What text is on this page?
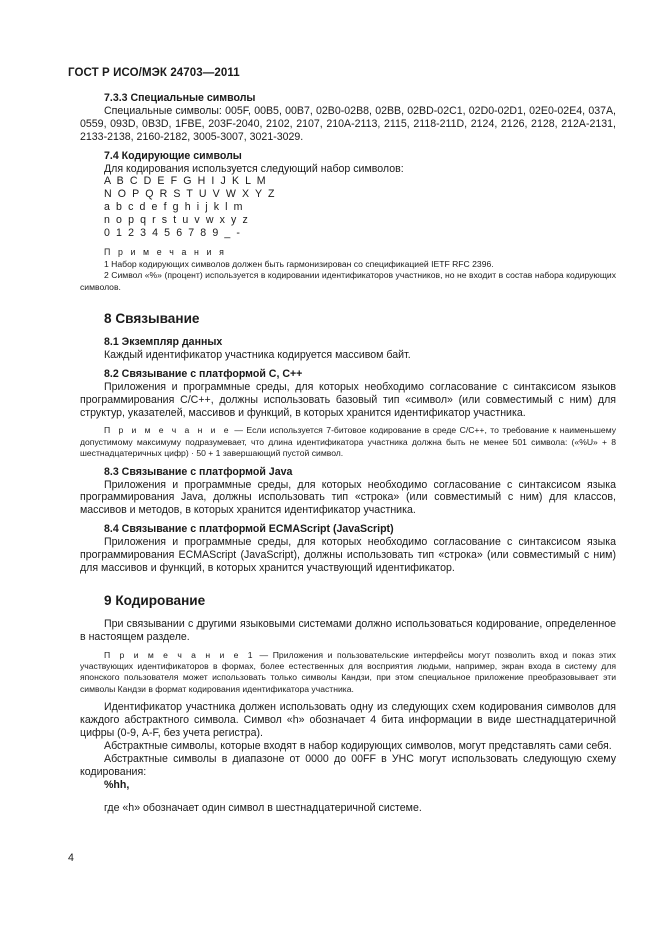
ГОСТ Р ИСО/МЭК 24703—2011

7.3.3 Специальные символы

Специальные символы: 005F, 00B5, 00B7, 02B0-02B8, 02BB, 02BD-02C1, 02D0-02D1, 02E0-02E4, 037A, 0559, 093D, 0B3D, 1FBE, 203F-2040, 2102, 2107, 210A-2113, 2115, 2118-211D, 2124, 2126, 2128, 212A-2131, 2133-2138, 2160-2182, 3005-3007, 3021-3029.

7.4 Кодирующие символы

Для кодирования используется следующий набор символов:

A B C D E F G H I J K L M

N O P Q R S T U V W X Y Z

a b c d e f g h i j k l m

n o p q r s t u v w x y z

0 1 2 3 4 5 6 7 8 9 _ -

П р и м е ч а н и я

1 Набор кодирующих символов должен быть гармонизирован со спецификацией IETF RFC 2396.

2 Символ «%» (процент) используется в кодировании идентификаторов участников, но не входит в состав набора кодирующих символов.

8 Связывание

8.1 Экземпляр данных

Каждый идентификатор участника кодируется массивом байт.

8.2 Связывание с платформой C, C++

Приложения и программные среды, для которых необходимо согласование с синтаксисом языков программирования C/C++, должны использовать базовый тип «символ» (или совместимый с ним) для структур, указателей, массивов и функций, в которых хранится идентификатор участника.

П р и м е ч а н и е — Если используется 7-битовое кодирование в среде C/C++, то требование к наименьшему допустимому максимуму подразумевает, что длина идентификатора участника должна быть не менее 501 символа: («%U» + 8 шестнадцатеричных цифр) · 50 + 1 завершающий пустой символ.

8.3 Связывание с платформой Java

Приложения и программные среды, для которых необходимо согласование с синтаксисом языка программирования Java, должны использовать тип «строка» (или совместимый с ним) для классов, массивов и методов, в которых хранится идентификатор участника.

8.4 Связывание с платформой ECMAScript (JavaScript)

Приложения и программные среды, для которых необходимо согласование с синтаксисом языка программирования ECMAScript (JavaScript), должны использовать тип «строка» (или совместимый с ним) для массивов и функций, в которых хранится участвующий идентификатор.

9 Кодирование

При связывании с другими языковыми системами должно использоваться кодирование, определенное в настоящем разделе.

П р и м е ч а н и е 1 — Приложения и пользовательские интерфейсы могут позволить вход и показ этих участвующих идентификаторов в формах, более естественных для восприятия людьми, например, экран входа в систему для японского пользователя может использовать только символы Кандзи, при этом специальное приложение преобразовывает эти символы Кандзи в формат кодирования идентификатора участника.

Идентификатор участника должен использовать одну из следующих схем кодирования символов для каждого абстрактного символа. Символ «h» обозначает 4 бита информации в виде шестнадцатеричной цифры (0-9, A-F, без учета регистра).

Абстрактные символы, которые входят в набор кодирующих символов, могут представлять сами себя.

Абстрактные символы в диапазоне от 0000 до 00FF в УНС могут использовать следующую схему кодирования:

%hh,

где «h» обозначает один символ в шестнадцатеричной системе.

4
